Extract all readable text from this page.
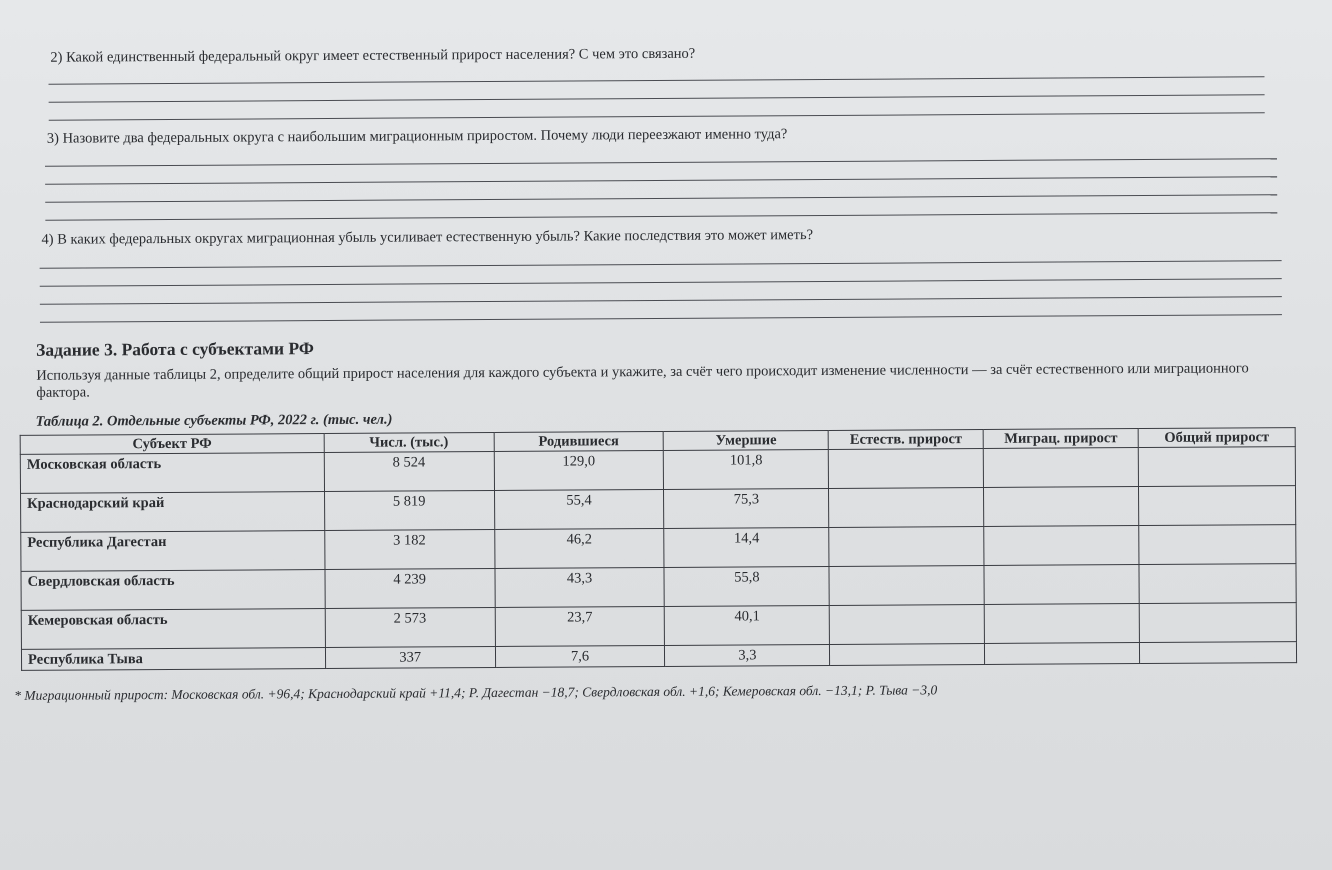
2) Какой единственный федеральный округ имеет естественный прирост населения? С чем это связано?
3) Назовите два федеральных округа с наибольшим миграционным приростом. Почему люди переезжают именно туда?
4) В каких федеральных округах миграционная убыль усиливает естественную убыль? Какие последствия это может иметь?
Задание 3. Работа с субъектами РФ
Используя данные таблицы 2, определите общий прирост населения для каждого субъекта и укажите, за счёт чего происходит изменение численности — за счёт естественного или миграционного фактора.
Таблица 2. Отдельные субъекты РФ, 2022 г. (тыс. чел.)
Субъект РФ	Числ. (тыс.)	Родившиеся	Умершие	Естеств. прирост	Миграц. прирост	Общий прирост
Московская область	8 524	129,0	101,8			
Краснодарский край	5 819	55,4	75,3			
Республика Дагестан	3 182	46,2	14,4			
Свердловская область	4 239	43,3	55,8			
Кемеровская область	2 573	23,7	40,1			
Республика Тыва	337	7,6	3,3			
* Миграционный прирост: Московская обл. +96,4; Краснодарский край +11,4; Р. Дагестан −18,7; Свердловская обл. +1,6; Кемеровская обл. −13,1; Р. Тыва −3,0
